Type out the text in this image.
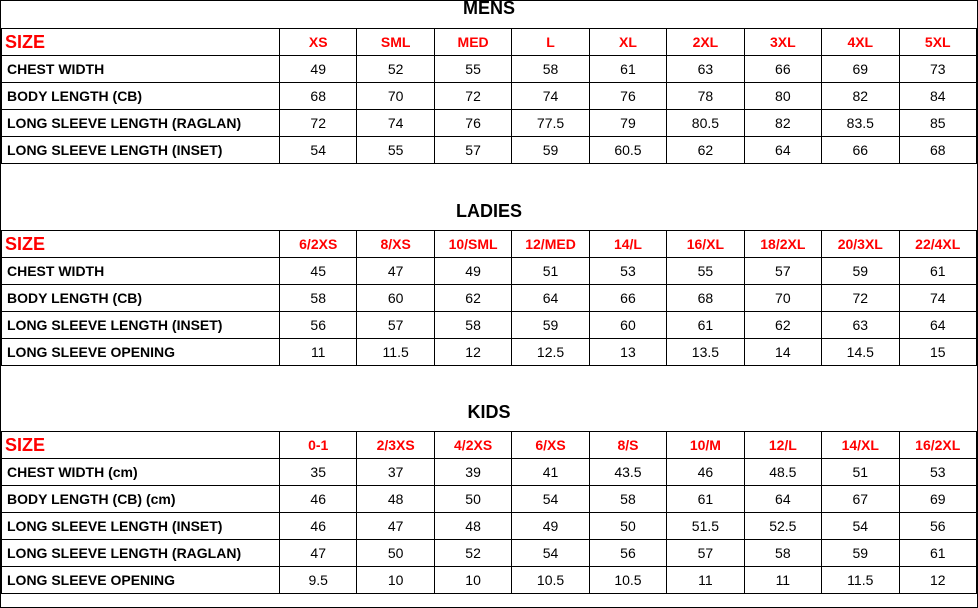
MENS
SIZE	XS	SML	MED	L	XL	2XL	3XL	4XL	5XL
CHEST WIDTH	49	52	55	58	61	63	66	69	73
BODY LENGTH (CB)	68	70	72	74	76	78	80	82	84
LONG SLEEVE LENGTH (RAGLAN)	72	74	76	77.5	79	80.5	82	83.5	85
LONG SLEEVE LENGTH (INSET)	54	55	57	59	60.5	62	64	66	68
LADIES
SIZE	6/2XS	8/XS	10/SML	12/MED	14/L	16/XL	18/2XL	20/3XL	22/4XL
CHEST WIDTH	45	47	49	51	53	55	57	59	61
BODY LENGTH (CB)	58	60	62	64	66	68	70	72	74
LONG SLEEVE LENGTH (INSET)	56	57	58	59	60	61	62	63	64
LONG SLEEVE OPENING	11	11.5	12	12.5	13	13.5	14	14.5	15
KIDS
SIZE	0-1	2/3XS	4/2XS	6/XS	8/S	10/M	12/L	14/XL	16/2XL
CHEST WIDTH (cm)	35	37	39	41	43.5	46	48.5	51	53
BODY LENGTH (CB) (cm)	46	48	50	54	58	61	64	67	69
LONG SLEEVE LENGTH (INSET)	46	47	48	49	50	51.5	52.5	54	56
LONG SLEEVE LENGTH (RAGLAN)	47	50	52	54	56	57	58	59	61
LONG SLEEVE OPENING	9.5	10	10	10.5	10.5	11	11	11.5	12
